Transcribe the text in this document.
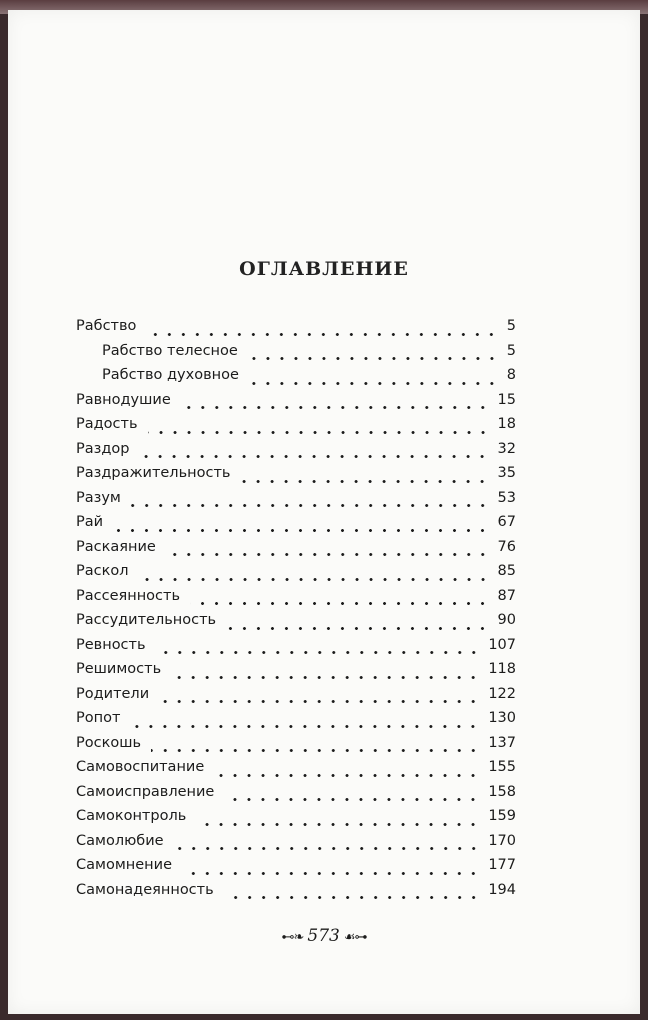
ОГЛАВЛЕНИЕ
Рабство	5
Рабство телесное	5
Рабство духовное	8
Равнодушие	15
Радость	18
Раздор	32
Раздражительность	35
Разум	53
Рай	67
Раскаяние	76
Раскол	85
Рассеянность	87
Рассудительность	90
Ревность	107
Решимость	118
Родители	122
Ропот	130
Роскошь	137
Самовоспитание	155
Самоисправление	158
Самоконтроль	159
Самолюбие	170
Самомнение	177
Самонадеянность	194
⊷❧ 573 ☙⊶
